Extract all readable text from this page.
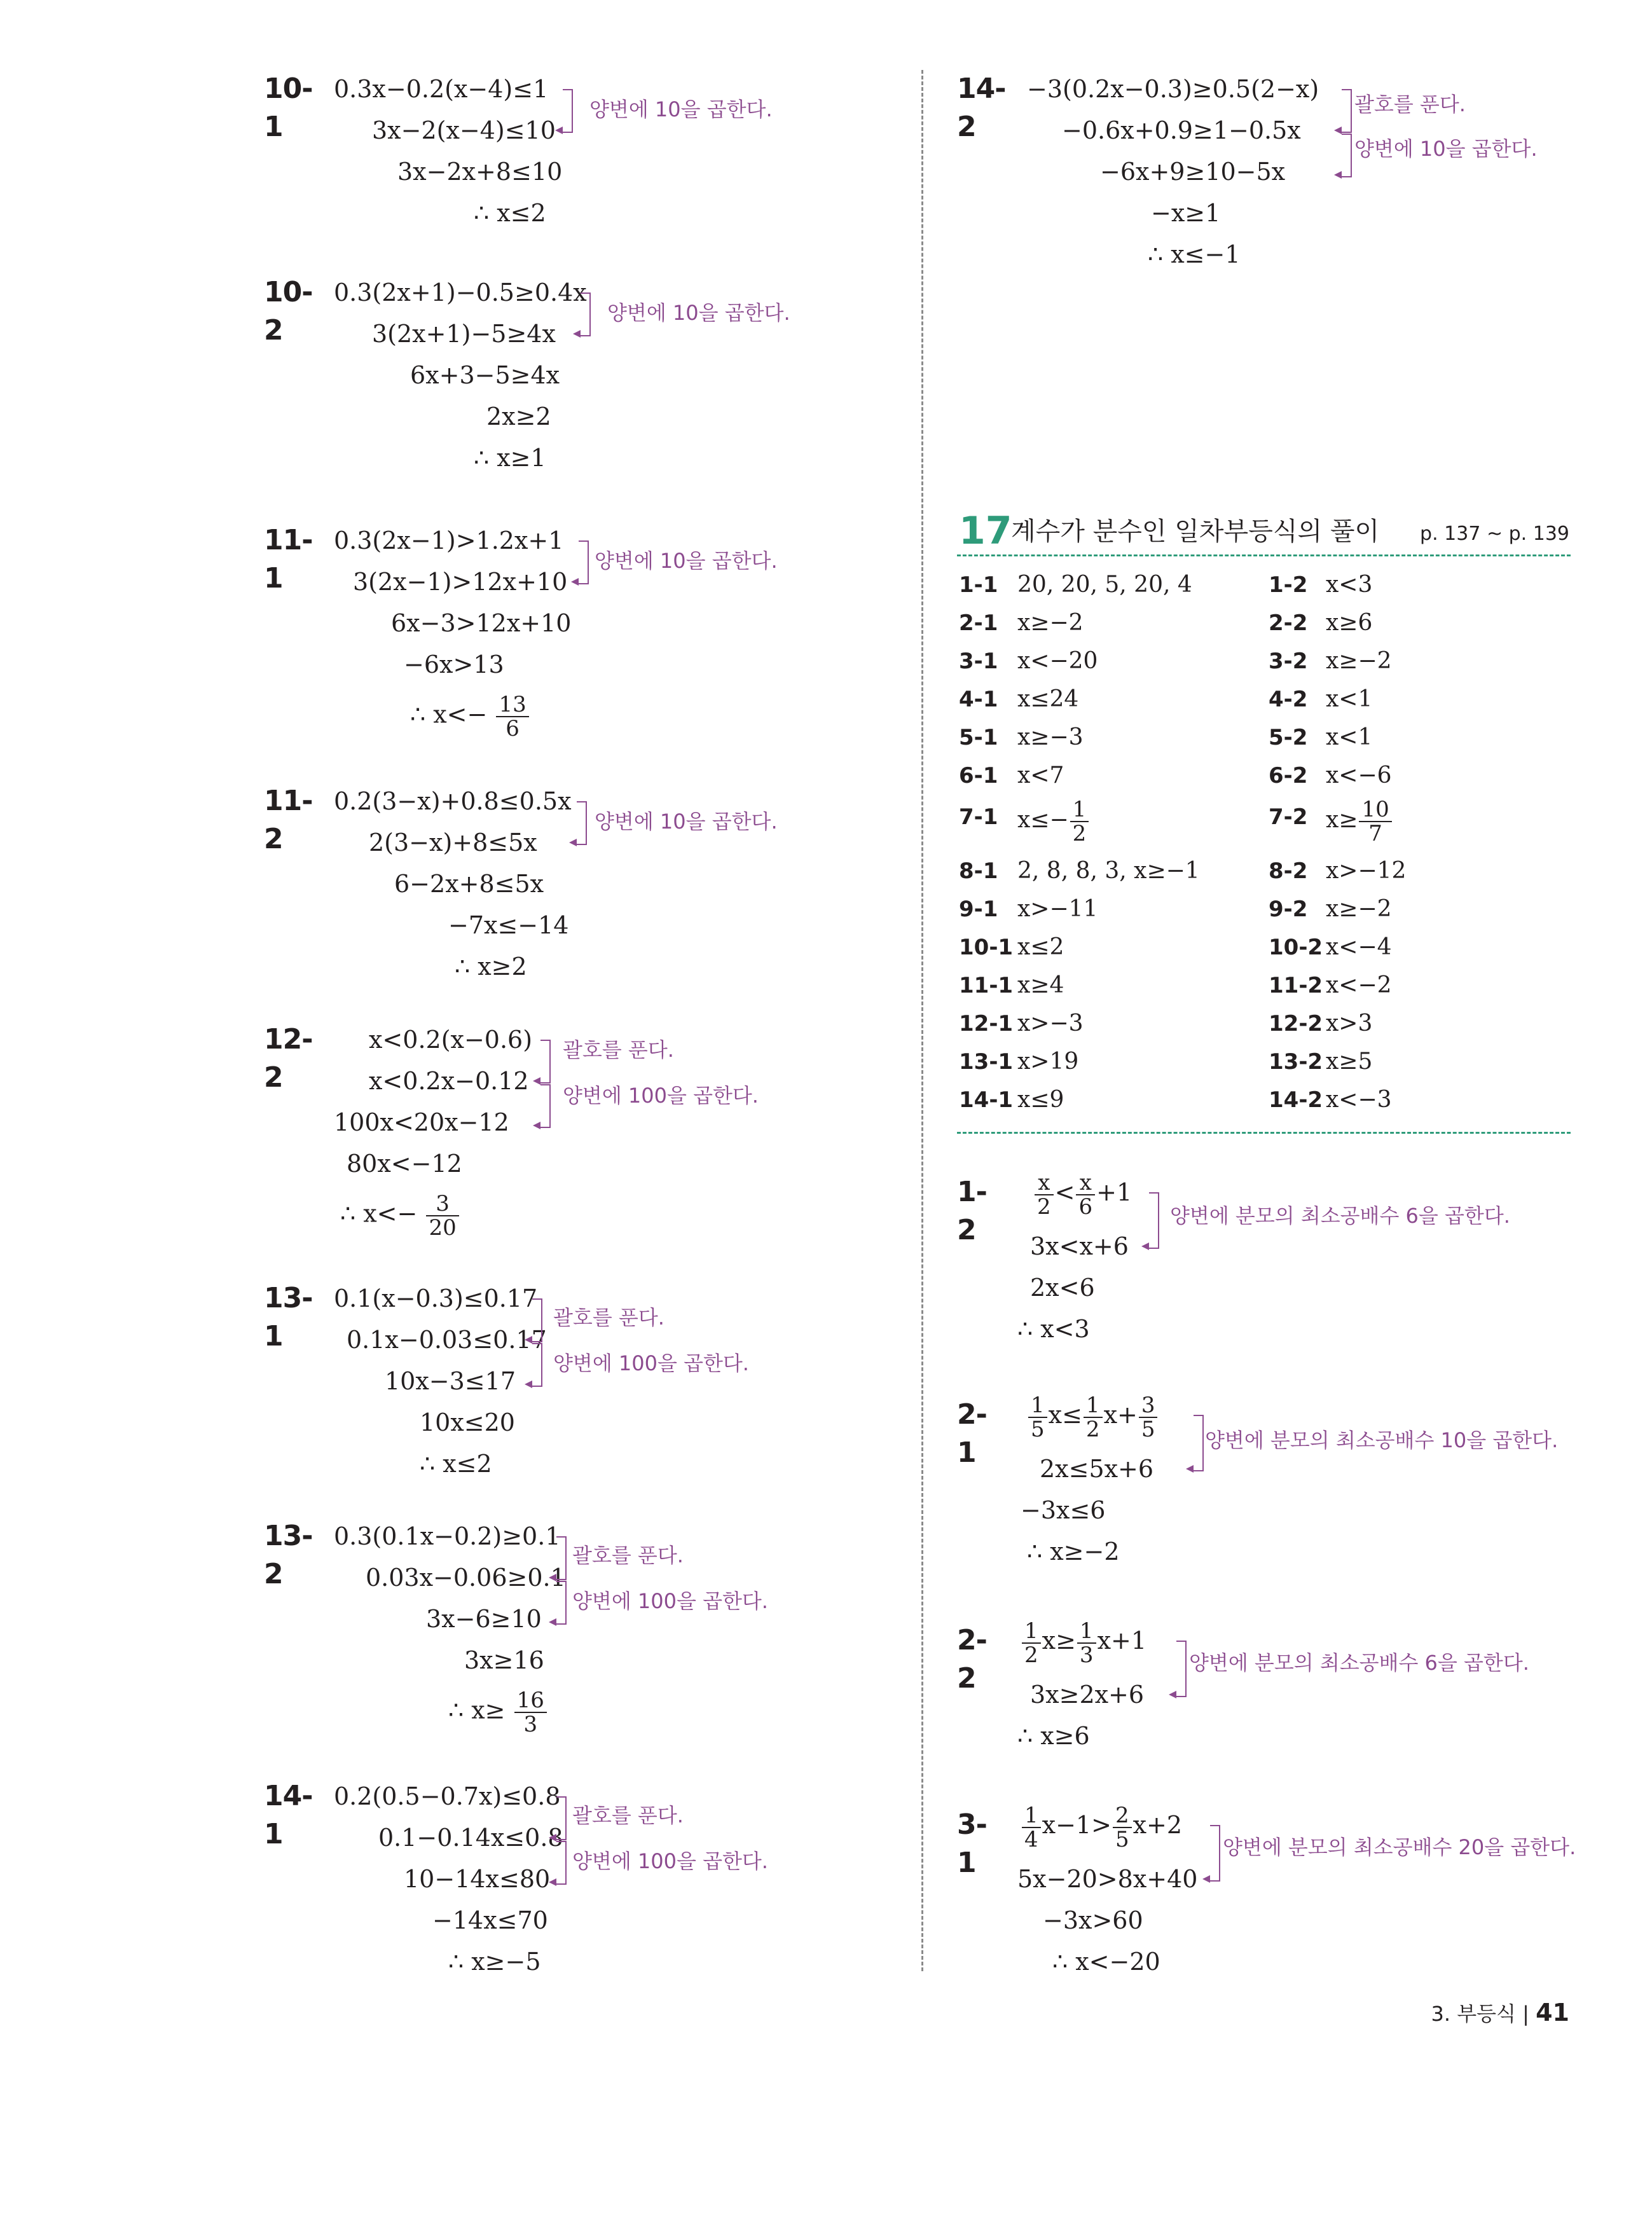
10-1
0.3x−0.2(x−4)≤1
3x−2(x−4)≤10
3x−2x+8≤10
∴ x≤2
양변에 10을 곱한다.
10-2
0.3(2x+1)−0.5≥0.4x
3(2x+1)−5≥4x
6x+3−5≥4x
2x≥2
∴ x≥1
양변에 10을 곱한다.
11-1
0.3(2x−1)>1.2x+1
3(2x−1)>12x+10
6x−3>12x+10
−6x>13
∴ $x<- \frac{13}{6}$
양변에 10을 곱한다.
11-2
0.2(3−x)+0.8≤0.5x
2(3−x)+8≤5x
6−2x+8≤5x
−7x≤−14
∴ x≥2
양변에 10을 곱한다.
12-2
x<0.2(x−0.6)
x<0.2x−0.12
100x<20x−12
80x<−12
∴ $x<- \frac{3}{20}$
괄호를 푼다.
양변에 100을 곱한다.
13-1
0.1(x−0.3)≤0.17
0.1x−0.03≤0.17
10x−3≤17
10x≤20
∴ x≤2
괄호를 푼다.
양변에 100을 곱한다.
13-2
0.3(0.1x−0.2)≥0.1
0.03x−0.06≥0.1
3x−6≥10
3x≥16
∴ $x\ge \frac{16}{3}$
괄호를 푼다.
양변에 100을 곱한다.
14-1
0.2(0.5−0.7x)≤0.8
0.1−0.14x≤0.8
10−14x≤80
−14x≤70
∴ x≥−5
괄호를 푼다.
양변에 100을 곱한다.
14-2
−3(0.2x−0.3)≥0.5(2−x)
−0.6x+0.9≥1−0.5x
−6x+9≥10−5x
−x≥1
∴ x≤−1
괄호를 푼다.
양변에 10을 곱한다.
17
계수가 분수인 일차부등식의 풀이 p. 137 ~ p. 139
1-1 20, 20, 5, 20, 4	1-2 x<3
2-1 x≥−2	2-2 x≥6
3-1 x<−20	3-2 x≥−2
4-1 x≤24	4-2 x<1
5-1 x≥−3	5-2 x<1
6-1 x<7	6-2 x<−6
7-1 $x\le- \frac{1}{2}$	7-2 $x\ge \frac{10}{7}$
8-1 2, 8, 8, 3, x≥−1	8-2 x>−12
9-1 x>−11	9-2 x≥−2
10-1 x≤2	10-2 x<−4
11-1 x≥4	11-2 x<−2
12-1 x>−3	12-2 x>3
13-1 x>19	13-2 x≥5
14-1 x≤9	14-2 x<−3
1-2
$\frac{x}{2} < \frac{x}{6} +1$
3x<x+6
2x<6
∴ x<3
양변에 분모의 최소공배수 6을 곱한다.
2-1
$\frac{1}{5} x\le \frac{1}{2} x+ \frac{3}{5}$
2x≤5x+6
−3x≤6
∴ x≥−2
양변에 분모의 최소공배수 10을 곱한다.
2-2
$\frac{1}{2} x\ge \frac{1}{3} x+1$
3x≥2x+6
∴ x≥6
양변에 분모의 최소공배수 6을 곱한다.
3-1
$\frac{1}{4} x-1> \frac{2}{5} x+2$
5x−20>8x+40
−3x>60
∴ x<−20
양변에 분모의 최소공배수 20을 곱한다.
3. 부등식 | 41
